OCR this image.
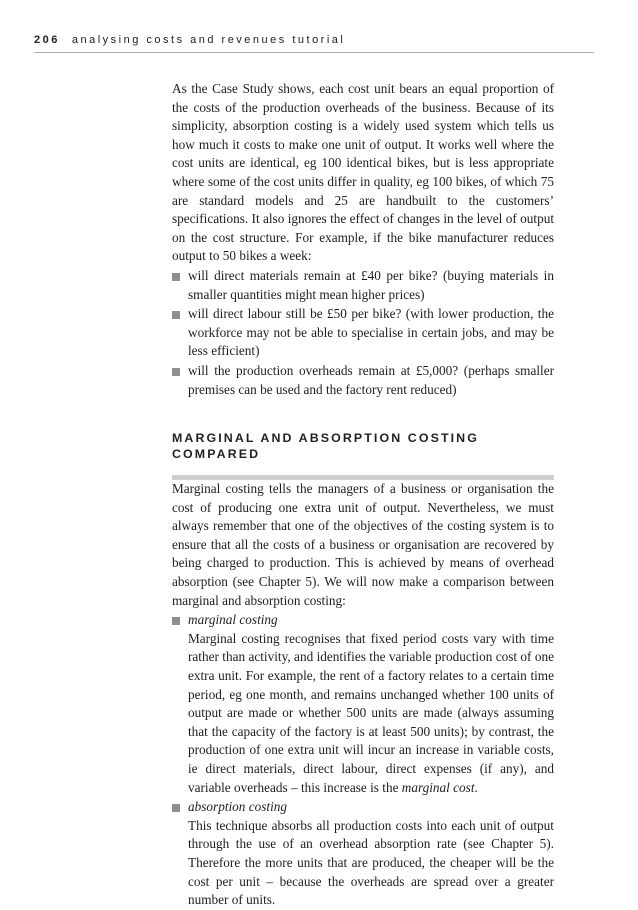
206 analysing costs and revenues tutorial

As the Case Study shows, each cost unit bears an equal proportion of the costs of the production overheads of the business. Because of its simplicity, absorption costing is a widely used system which tells us how much it costs to make one unit of output. It works well where the cost units are identical, eg 100 identical bikes, but is less appropriate where some of the cost units differ in quality, eg 100 bikes, of which 75 are standard models and 25 are handbuilt to the customers’ specifications. It also ignores the effect of changes in the level of output on the cost structure. For example, if the bike manufacturer reduces output to 50 bikes a week:

will direct materials remain at £40 per bike? (buying materials in smaller quantities might mean higher prices)

will direct labour still be £50 per bike? (with lower production, the workforce may not be able to specialise in certain jobs, and may be less efficient)

will the production overheads remain at £5,000? (perhaps smaller premises can be used and the factory rent reduced)

MARGINAL AND ABSORPTION COSTING COMPARED

Marginal costing tells the managers of a business or organisation the cost of producing one extra unit of output. Nevertheless, we must always remember that one of the objectives of the costing system is to ensure that all the costs of a business or organisation are recovered by being charged to production. This is achieved by means of overhead absorption (see Chapter 5). We will now make a comparison between marginal and absorption costing:

marginal costing

Marginal costing recognises that fixed period costs vary with time rather than activity, and identifies the variable production cost of one extra unit. For example, the rent of a factory relates to a certain time period, eg one month, and remains unchanged whether 100 units of output are made or whether 500 units are made (always assuming that the capacity of the factory is at least 500 units); by contrast, the production of one extra unit will incur an increase in variable costs, ie direct materials, direct labour, direct expenses (if any), and variable overheads – this increase is the marginal cost.

absorption costing

This technique absorbs all production costs into each unit of output through the use of an overhead absorption rate (see Chapter 5). Therefore the more units that are produced, the cheaper will be the cost per unit – because the overheads are spread over a greater number of units.
